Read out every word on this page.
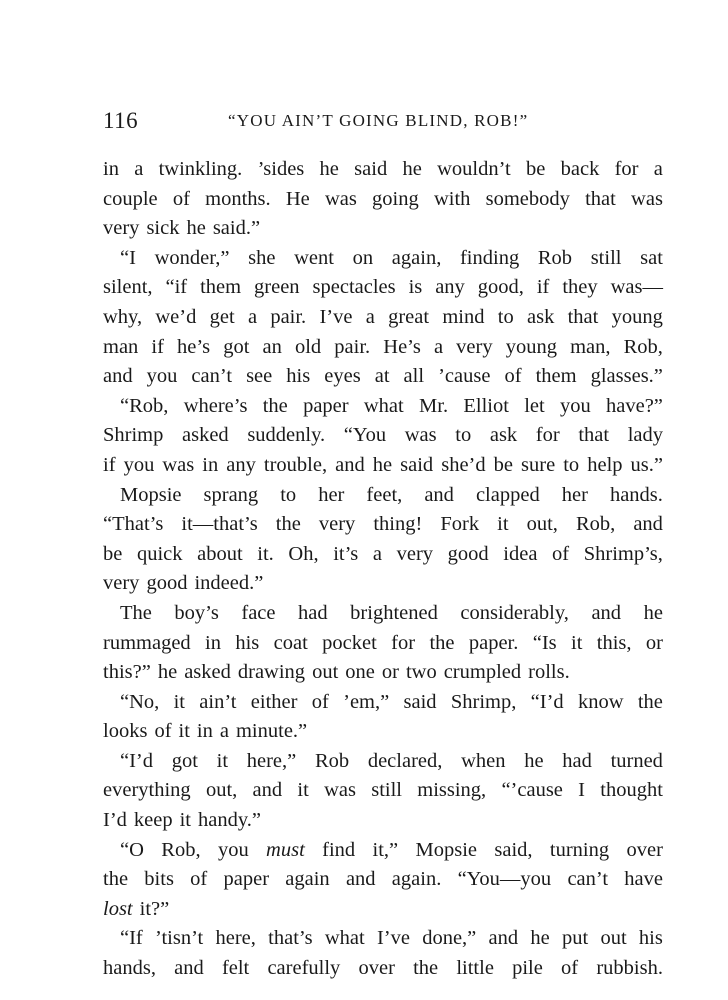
116	“YOU AIN’T GOING BLIND, ROB!”
in a twinkling. ’sides he said he wouldn’t be back for a
couple of months. He was going with somebody that was
very sick he said.”
“I wonder,” she went on again, finding Rob still sat
silent, “if them green spectacles is any good, if they was—
why, we’d get a pair. I’ve a great mind to ask that young
man if he’s got an old pair. He’s a very young man, Rob,
and you can’t see his eyes at all ’cause of them glasses.”
“Rob, where’s the paper what Mr. Elliot let you have?”
Shrimp asked suddenly. “You was to ask for that lady
if you was in any trouble, and he said she’d be sure to help us.”
Mopsie sprang to her feet, and clapped her hands.
“That’s it—that’s the very thing! Fork it out, Rob, and
be quick about it. Oh, it’s a very good idea of Shrimp’s,
very good indeed.”
The boy’s face had brightened considerably, and he
rummaged in his coat pocket for the paper. “Is it this, or
this?” he asked drawing out one or two crumpled rolls.
“No, it ain’t either of ’em,” said Shrimp, “I’d know the
looks of it in a minute.”
“I’d got it here,” Rob declared, when he had turned
everything out, and it was still missing, “’cause I thought
I’d keep it handy.”
“O Rob, you must find it,” Mopsie said, turning over
the bits of paper again and again. “You—you can’t have
lost it?”
“If ’tisn’t here, that’s what I’ve done,” and he put out his
hands, and felt carefully over the little pile of rubbish.
